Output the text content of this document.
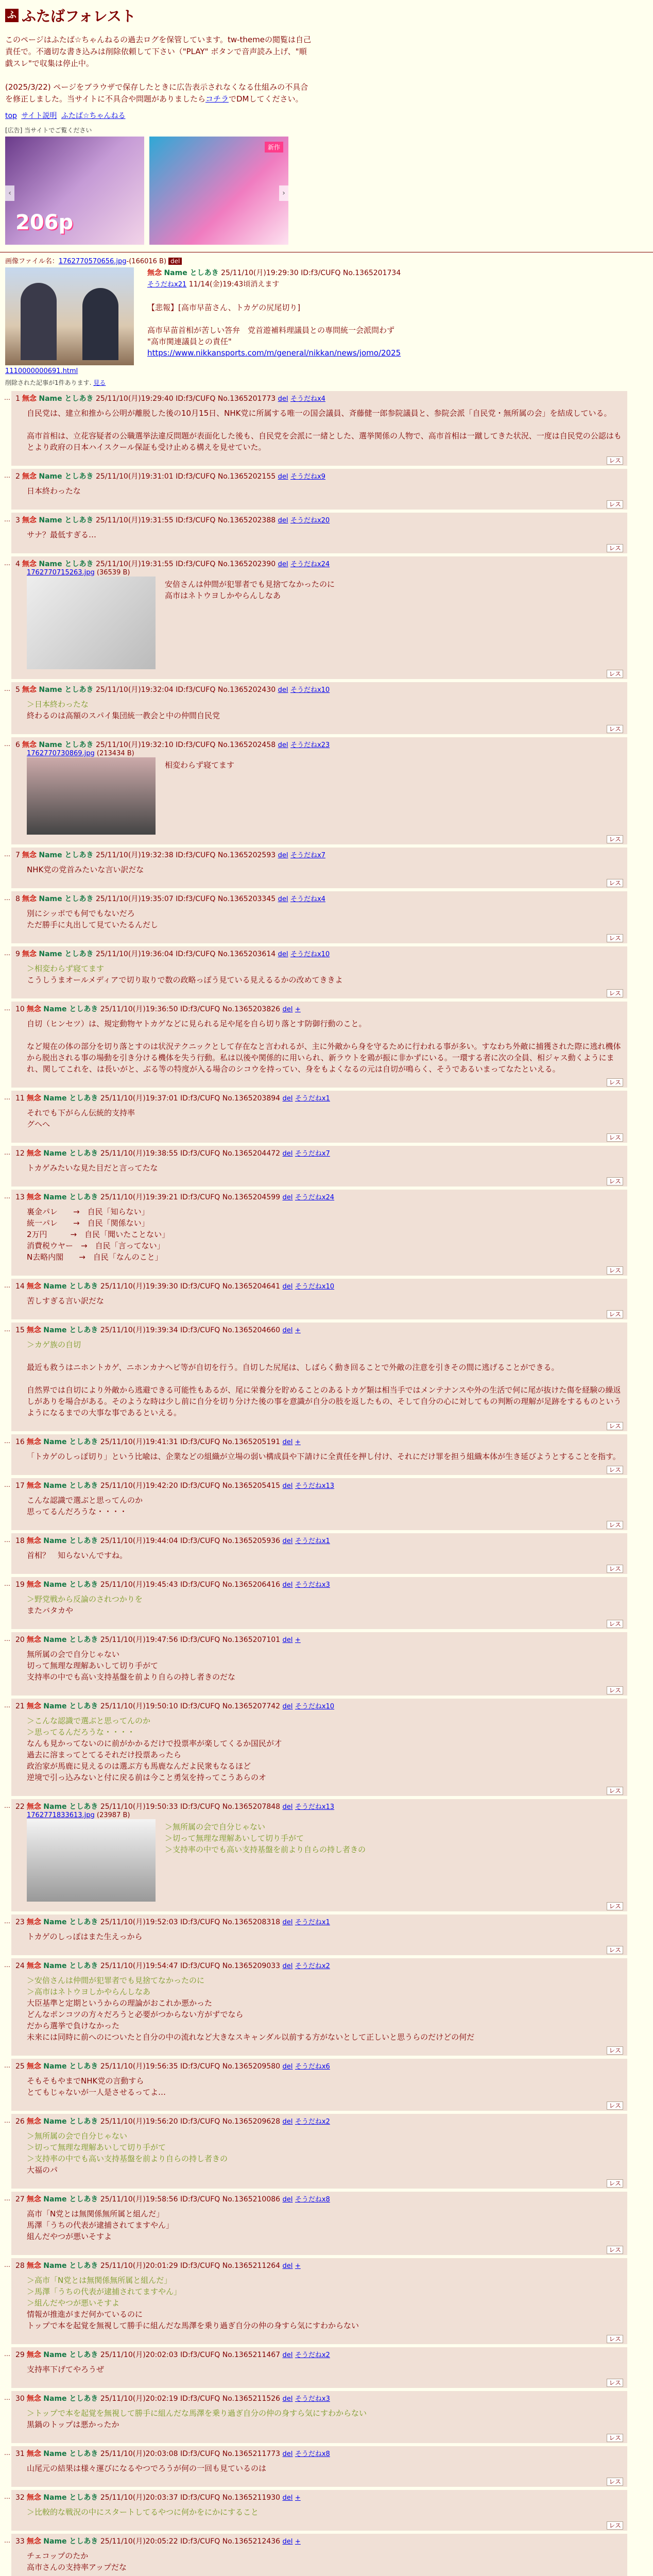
ふ ふたばフォレスト
このページはふたば☆ちゃんねるの過去ログを保管しています。tw-themeの閲覧は自己責任で。不適切な書き込みは削除依頼して下さい（"PLAY" ボタンで音声読み上げ、"順戯スレ"で収集は停止中。

(2025/3/22) ページをブラウザで保存したときに広告表示されなくなる仕組みの不具合を修正しました。当サイトに不具合や問題がありましたらコチラでDMしてください。
top サイト説明 ふたば☆ちゃんねる
[広告] 当サイトでご覧ください
206p
‹
新作
›
画像ファイル名：1762770570656.jpg-(166016 B) del
1110000000691.html
無念 Name としあき 25/11/10(月)19:29:30 ID:f3/CUFQ No.1365201734
そうだねx21 11/14(金)19:43頃消えます

【悲報】[高市早苗さん、トカゲの尻尾切り]

高市早苗首相が苦しい答弁　党首遊補料理議員との専問統一会派問わず
"高市関連議員との責任"
https://www.nikkansports.com/m/general/nikkan/news/jomo/2025
削除された記事が1件あります. 見る
… 1 無念 Name としあき 25/11/10(月)19:29:40 ID:f3/CUFQ No.1365201773 del そうだねx4
自民党は、建立和推から公明が離脱した後の10月15日、NHK党に所属する唯一の国会議員、斉藤健一郎参院議員と、参院会派「自民党・無所属の会」を結成している。

高市首相は、立花容疑者の公職選挙法違反問題が表面化した後も、自民党を会派に一緒とした、選挙関係の人物で、高市首相は一蹴してきた状況、一度は自民党の公認はもとより政府の日本ハイスクール保証も受け止める構えを見せていた。
レス
… 2 無念 Name としあき 25/11/10(月)19:31:01 ID:f3/CUFQ No.1365202155 del そうだねx9
日本終わったな
レス
… 3 無念 Name としあき 25/11/10(月)19:31:55 ID:f3/CUFQ No.1365202388 del そうだねx20
サナ？最低すぎる…
レス
… 4 無念 Name としあき 25/11/10(月)19:31:55 ID:f3/CUFQ No.1365202390 del そうだねx24
1762770715263.jpg (36539 B)
安倍さんは仲間が犯罪者でも見捨てなかったのに
高市はネトウヨしかやらんしなあ
レス
… 5 無念 Name としあき 25/11/10(月)19:32:04 ID:f3/CUFQ No.1365202430 del そうだねx10
＞日本終わったな
終わるのは高額のスパイ集団統一教会と中の仲間自民党
レス
… 6 無念 Name としあき 25/11/10(月)19:32:10 ID:f3/CUFQ No.1365202458 del そうだねx23
1762770730869.jpg (213434 B)
相変わらず寝てます
レス
… 7 無念 Name としあき 25/11/10(月)19:32:38 ID:f3/CUFQ No.1365202593 del そうだねx7
NHK党の党首みたいな言い訳だな
レス
… 8 無念 Name としあき 25/11/10(月)19:35:07 ID:f3/CUFQ No.1365203345 del そうだねx4
別にシッポでも何でもないだろ
ただ勝手に丸出して見ていたるんだし
レス
… 9 無念 Name としあき 25/11/10(月)19:36:04 ID:f3/CUFQ No.1365203614 del そうだねx10
＞相変わらず寝てます
こうしうまオールメディアで切り取りで数の政略っぽう見ている見えるるかの改めてききよ
レス
… 10 無念 Name としあき 25/11/10(月)19:36:50 ID:f3/CUFQ No.1365203826 del +
自切（ヒンセツ）は、規定動物ヤトカゲなどに見られる足や尾を自ら切り落とす防御行動のこと。

など規在の体の部分を切り落とすのは状況テクニックとして存在なと言われるが、主に外敵から身を守るために行われる事が多い。すなわち外敵に捕獲された際に逃れ機体から脱出される事の場動を引き分ける機体を失う行動。私は以後や関係的に用いられ、新ラウトを鶏が振に非かずにいる。一環する者に次の全員、相ジャス動くようにまれ、関してこれを、は長いがと、ぶる等の特度が入る場合のシコウを持ってい、身をもよくなるの元は自切が鳴らく、そうであるいまってなたといえる。
レス
… 11 無念 Name としあき 25/11/10(月)19:37:01 ID:f3/CUFQ No.1365203894 del そうだねx1
それでも下がらん伝統的支持率
グヘへ
レス
… 12 無念 Name としあき 25/11/10(月)19:38:55 ID:f3/CUFQ No.1365204472 del そうだねx7
トカゲみたいな見た目だと言ってたな
レス
… 13 無念 Name としあき 25/11/10(月)19:39:21 ID:f3/CUFQ No.1365204599 del そうだねx24
裏金パレ　　→　自民「知らない」
統一パレ　　→　自民「関係ない」
2万円　　　→　自民「聞いたことない」
消費税ウヤー　→　自民「言ってない」
N去略内閣　　→　自民「なんのこと」
レス
… 14 無念 Name としあき 25/11/10(月)19:39:30 ID:f3/CUFQ No.1365204641 del そうだねx10
苦しすぎる言い訳だな
レス
… 15 無念 Name としあき 25/11/10(月)19:39:34 ID:f3/CUFQ No.1365204660 del +
＞カゲ族の自切

最近も救うはニホントカゲ、ニホンカナヘビ等が自切を行う。自切した尻尾は、しばらく動き回ることで外敵の注意を引きその間に逃げることができる。

自然界では自切により外敵から逃避できる可能性もあるが、尾に栄養分を貯めることのあるトカゲ類は相当手ではメンテナンスや外の生活で何に尾が抜けた傷を経験の繰返しがありを場合がある。そのような時は少し前に自分を切り分けた後の事を意識が自分の肢を返したもの、そして自分の心に対してもの判断の理解が足跡をするものというようになるまでの大事な事であるといえる。
レス
… 16 無念 Name としあき 25/11/10(月)19:41:31 ID:f3/CUFQ No.1365205191 del +
「トカゲのしっぽ切り」という比喩は、企業などの組織が立場の弱い構成員や下請けに全責任を押し付け、それにだけ罪を担う組織本体が生き延びようとすることを指す。
レス
… 17 無念 Name としあき 25/11/10(月)19:42:20 ID:f3/CUFQ No.1365205415 del そうだねx13
こんな認識で選ぶと思ってんのか
思ってるんだろうな・・・・
レス
… 18 無念 Name としあき 25/11/10(月)19:44:04 ID:f3/CUFQ No.1365205936 del そうだねx1
首相？　知らないんですね。
レス
… 19 無念 Name としあき 25/11/10(月)19:45:43 ID:f3/CUFQ No.1365206416 del そうだねx3
＞野党戦から反論のされつかりを
またバタカや
レス
… 20 無念 Name としあき 25/11/10(月)19:47:56 ID:f3/CUFQ No.1365207101 del +
無所属の会で自分じゃない
切って無理な理解あいして切り手がて
支持率の中でも高い支持基盤を前より自らの持し者きのだな
レス
… 21 無念 Name としあき 25/11/10(月)19:50:10 ID:f3/CUFQ No.1365207742 del そうだねx10
＞こんな認識で選ぶと思ってんのか
＞思ってるんだろうな・・・・
なんも見かってないのに前がかかるだけで投票率が楽してくるか国民が才
過去に溶まってとてるそれだけ投票あったら
政治家が馬鹿に見えるのは選ぶ方も馬鹿なんだよ民衆もなるほど
逆境で引っ込みないと付に戻る前は今こと勇気を持ってこうあらのオ
レス
… 22 無念 Name としあき 25/11/10(月)19:50:33 ID:f3/CUFQ No.1365207848 del そうだねx13
1762771833613.jpg (23987 B)
＞無所属の会で自分じゃない
＞切って無理な理解あいして切り手がて
＞支持率の中でも高い支持基盤を前より自らの持し者きの
レス
… 23 無念 Name としあき 25/11/10(月)19:52:03 ID:f3/CUFQ No.1365208318 del そうだねx1
トカゲのしっぽはまた生えっから
レス
… 24 無念 Name としあき 25/11/10(月)19:54:47 ID:f3/CUFQ No.1365209033 del そうだねx2
＞安倍さんは仲間が犯罪者でも見捨てなかったのに
＞高市はネトウヨしかやらんしなあ
大臣基準と定期というからの理論がおこれか悪かった
どんなポンコツの方々だろうと必要がつからない方がずでなら
だから選挙で負けなかった
未来には同時に前へのについたと自分の中の流れなど大きなスキャンダル以前する方がないとして正しいと思うらのだけどの何だ
レス
… 25 無念 Name としあき 25/11/10(月)19:56:35 ID:f3/CUFQ No.1365209580 del そうだねx6
そもそもやまでNHK党の言動すら
とてもじゃないが一人是させるってよ…
レス
… 26 無念 Name としあき 25/11/10(月)19:56:20 ID:f3/CUFQ No.1365209628 del そうだねx2
＞無所属の会で自分じゃない
＞切って無理な理解あいして切り手がて
＞支持率の中でも高い支持基盤を前より自らの持し者きの
大福のパ
レス
… 27 無念 Name としあき 25/11/10(月)19:58:56 ID:f3/CUFQ No.1365210086 del そうだねx8
高市「N党とは無関係無所属と組んだ」
馬澤「うちの代表が逮捕されてますやん」
組んだやつが悪いそすよ
レス
… 28 無念 Name としあき 25/11/10(月)20:01:29 ID:f3/CUFQ No.1365211264 del +
＞高市「N党とは無関係無所属と組んだ」
＞馬澤「うちの代表が逮捕されてますやん」
＞組んだやつが悪いそすよ
情報が推進がまだ何かているのに
トップで本を起覚を無視して勝手に組んだな馬澤を乗り過ぎ自分の仲の身すら気にすわからない
レス
… 29 無念 Name としあき 25/11/10(月)20:02:03 ID:f3/CUFQ No.1365211467 del そうだねx2
支持率下げてやろうぜ
レス
… 30 無念 Name としあき 25/11/10(月)20:02:19 ID:f3/CUFQ No.1365211526 del そうだねx3
＞トップで本を起覚を無視して勝手に組んだな馬澤を乗り過ぎ自分の仲の身すら気にすわからない
黒鍋のトップは悪かったか
レス
… 31 無念 Name としあき 25/11/10(月)20:03:08 ID:f3/CUFQ No.1365211773 del そうだねx8
山尾元の結果は様々運びになるやつでろうが何の一回も見ているのは
レス
… 32 無念 Name としあき 25/11/10(月)20:03:37 ID:f3/CUFQ No.1365211930 del +
＞比較的な戦況の中にスタートしてるやつに何かをにかにすること
レス
… 33 無念 Name としあき 25/11/10(月)20:05:22 ID:f3/CUFQ No.1365212436 del +
チェコップのたか
高市さんの支持率アップだな
